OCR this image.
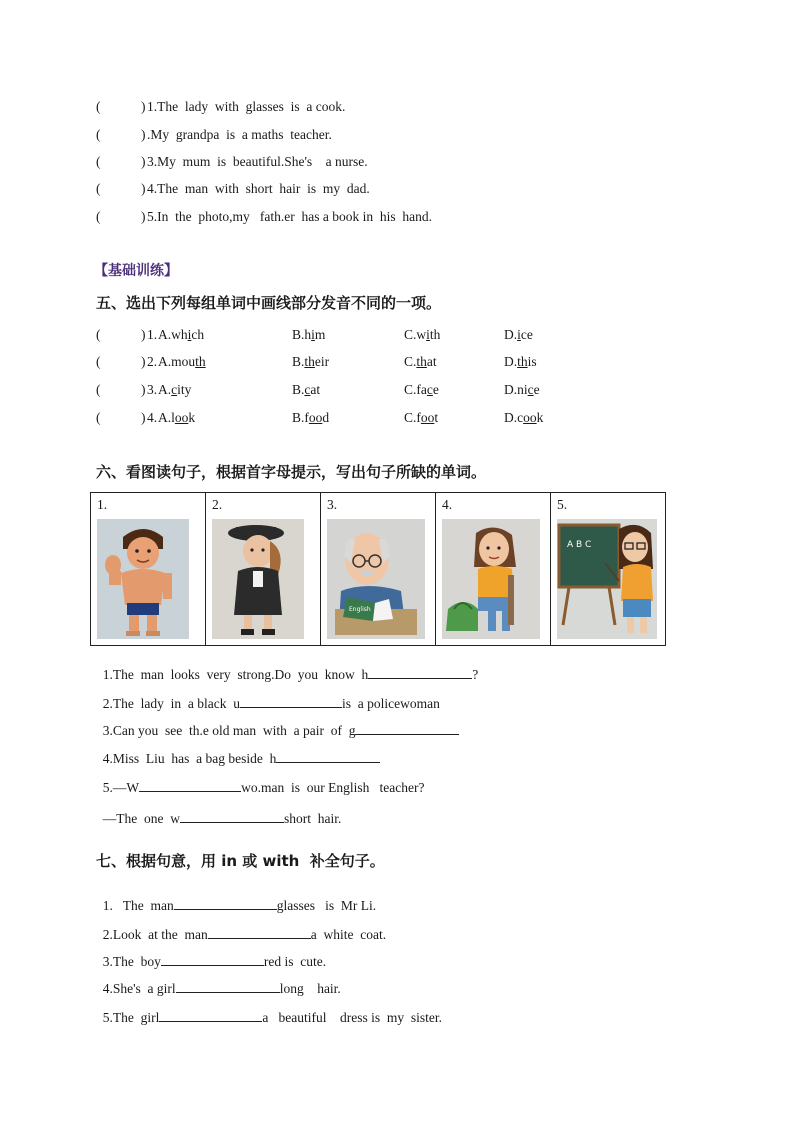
(	) 1.The  lady  with  glasses  is  a cook.
(	) .My  grandpa  is  a maths  teacher.
(	) 3.My  mum  is  beautiful.She's    a nurse.
(	) 4.The  man  with  short  hair  is  my  dad.
(	) 5.In  the  photo,my   fath.er  has a book in  his  hand.
【基础训练】
五、选出下列每组单词中画线部分发音不同的一项。
(	) 1. A.which	B.him	C.with	D.ice
(	) 2. A.mouth	B.their	C.that	D.this
(	) 3. A.city	B.cat	C.face	D.nice
(	) 4. A.look	B.food	C.foot	D.cook
六、看图读句子，根据首字母提示，写出句子所缺的单词。
1.	2.	3.
English

4.	5.
A B C

1.The  man  looks  very  strong.Do  you  know  h	?

2.The  lady  in  a black  u	is  a policewoman

3.Can you  see  th.e old man  with  a pair  of  g

4.Miss  Liu  has  a bag beside  h

5.—W	wo.man  is  our English   teacher?

—The  one  w	short  hair.

七、根据句意，用 in 或 with  补全句子。

1.   The  man	glasses   is  Mr Li.

2.Look  at the  man	a  white  coat.

3.The  boy	red is  cute.

4.She's  a girl	long    hair.

5.The  girl	a   beautiful    dress is  my  sister.
